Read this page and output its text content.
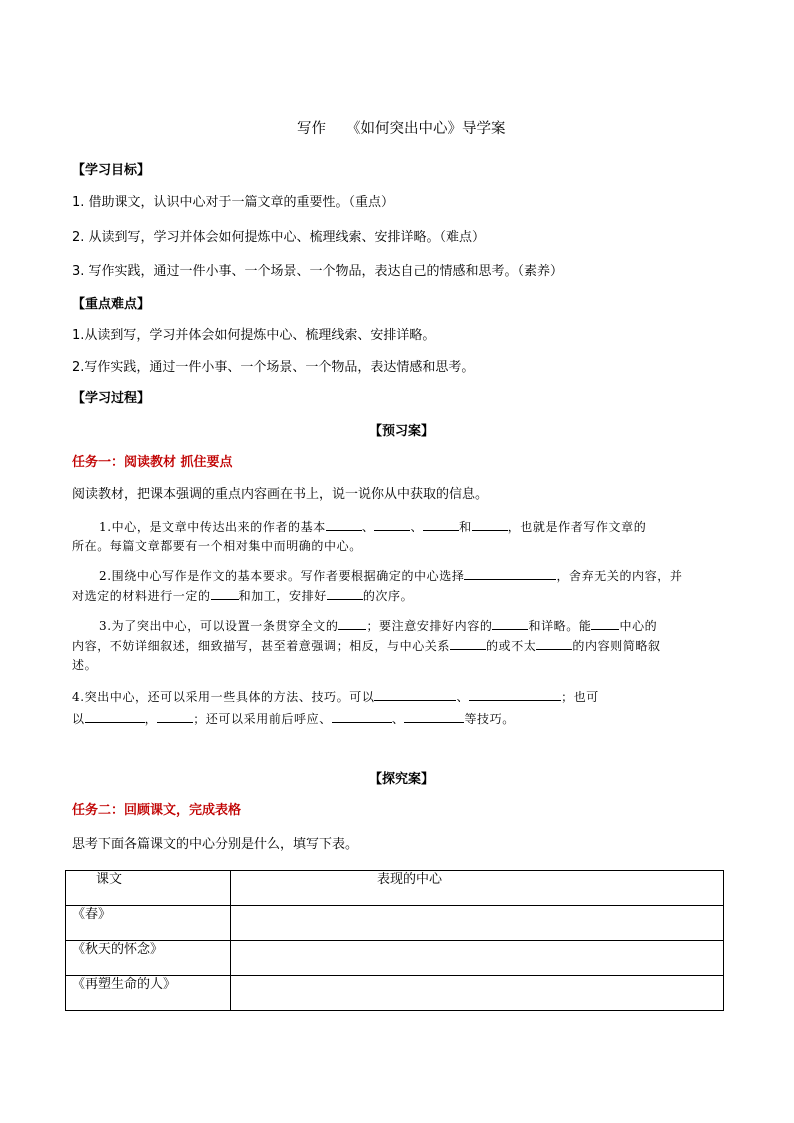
写作 《如何突出中心》导学案
【学习目标】
1. 借助课文，认识中心对于一篇文章的重要性。（重点）
2. 从读到写，学习并体会如何提炼中心、梳理线索、安排详略。（难点）
3. 写作实践，通过一件小事、一个场景、一个物品，表达自己的情感和思考。（素养）
【重点难点】
1.从读到写，学习并体会如何提炼中心、梳理线索、安排详略。
2.写作实践，通过一件小事、一个场景、一个物品，表达情感和思考。
【学习过程】
【预习案】
任务一：阅读教材 抓住要点
阅读教材，把课本强调的重点内容画在书上，说一说你从中获取的信息。
1.中心，是文章中传达出来的作者的基本	、	、	和	，也就是作者写作文章的
所在。每篇文章都要有一个相对集中而明确的中心。
2.围绕中心写作是作文的基本要求。写作者要根据确定的中心选择	，舍弃无关的内容，并
对选定的材料进行一定的 和加工，安排好	的次序。
3.为了突出中心，可以设置一条贯穿全文的 ；要注意安排好内容的	和详略。能 中心的
内容，不妨详细叙述，细致描写，甚至着意强调；相反，与中心关系	的或不太	的内容则简略叙
述。
4.突出中心，还可以采用一些具体的方法、技巧。可以	、	；也可
以	，	；还可以采用前后呼应、	、	等技巧。
【探究案】
任务二：回顾课文，完成表格
思考下面各篇课文的中心分别是什么，填写下表。
课文	表现的中心
《春》	
《秋天的怀念》	
《再塑生命的人》	
